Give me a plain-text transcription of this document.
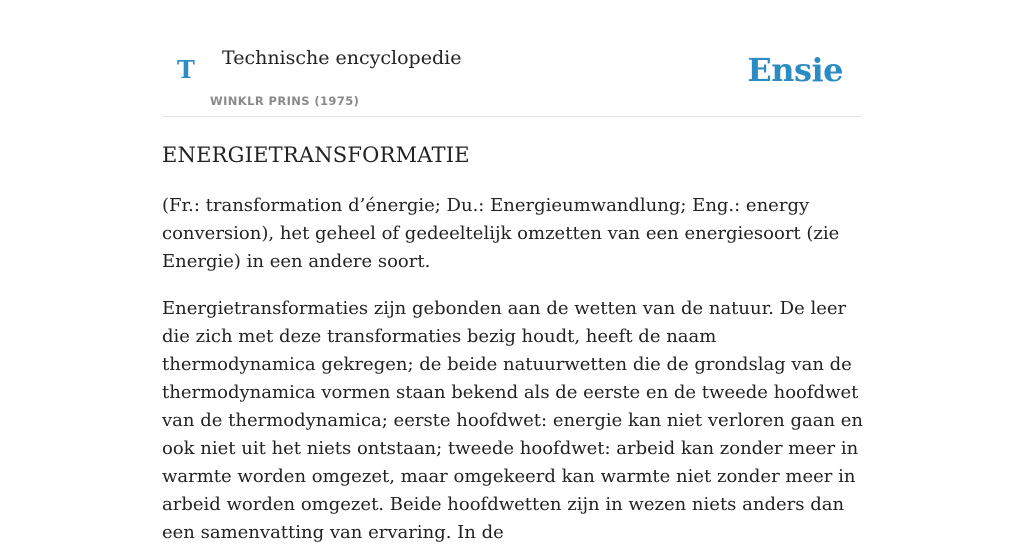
T Technische encyclopedie
WINKLR PRINS (1975)
Ensie
ENERGIETRANSFORMATIE

(Fr.: transformation d’énergie; Du.: Energieumwandlung; Eng.: energy conversion), het geheel of gedeeltelijk omzetten van een energiesoort (zie Energie) in een andere soort.

Energietransformaties zijn gebonden aan de wetten van de natuur. De leer die zich met deze transformaties bezig houdt, heeft de naam thermodynamica gekregen; de beide natuurwetten die de grondslag van de thermodynamica vormen staan bekend als de eerste en de tweede hoofdwet van de thermodynamica; eerste hoofdwet: energie kan niet verloren gaan en ook niet uit het niets ontstaan; tweede hoofdwet: arbeid kan zonder meer in warmte worden omgezet, maar omgekeerd kan warmte niet zonder meer in arbeid worden omgezet. Beide hoofdwetten zijn in wezen niets anders dan een samenvatting van ervaring. In de
